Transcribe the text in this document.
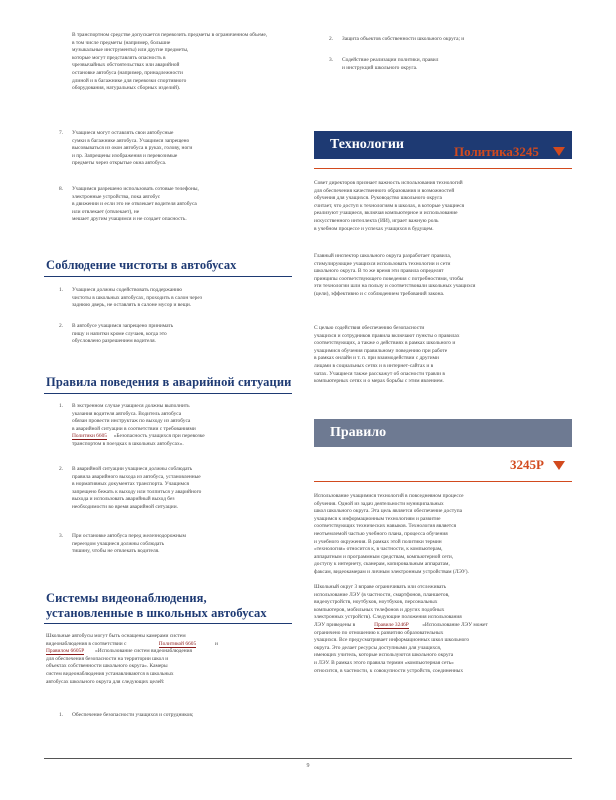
В транспортном средстве допускается перевозить предметы в ограниченном объеме,
в том числе предметы (например, большие
музыкальные инструменты) или другие предметы,
которые могут представлять опасность в
чрезвычайных обстоятельствах или аварийной
остановке автобуса (например, принадлежности
длиной и в багажнике для перевозки спортивного
оборудования, натуральных сборных изделий).
7. Учащиеся могут оставлять свои автобусные
сумки в багажнике автобуса. Учащимся запрещено
высовываться из окон автобуса в руках, голову, ноги
и пр. Запрещены изображения и перевозимые
предметы через открытые окна автобуса.
8. Учащимся разрешено использовать сотовые телефоны,
электронные устройства, пока автобус
в движении и если это не отвлекает водителя автобуса
или отвлекает (отвлекает), не
мешает другим учащимся и не создает опасность.
Соблюдение чистоты в автобусах
1. Учащиеся должны содействовать поддержанию
чистоты в школьных автобусах, проходить в салон через
заднюю дверь, не оставлять в салоне мусор и вещи.
2. В автобусе учащимся запрещено принимать
пищу и напитки кроме случаев, когда это
обусловлено разрешением водителя.
Правила поведения в аварийной ситуации
1. В экстренном случае учащиеся должны выполнить
указания водителя автобуса. Водитель автобуса
обязан провести инструктаж по выходу из автобуса
в аварийной ситуации в соответствии с требованиями
Политики 6605 «Безопасность учащихся при перевозке
транспортом в поездках в школьных автобусах».
2. В аварийной ситуации учащиеся должны соблюдать
правила аварийного выхода из автобуса, установленные
в нормативных документах транспорта. Учащимся
запрещено бежать к выходу или толпиться у аварийного
выхода и использовать аварийный выход без
необходимости во время аварийной ситуации.
3. При остановке автобуса перед железнодорожным
переездом учащиеся должны соблюдать
тишину, чтобы не отвлекать водителя.
Системы видеонаблюдения,
установленные в школьных автобусах
Школьные автобусы могут быть оснащены камерами систем
видеонаблюдения в соответствии с	Политикой 6605	и
Правилом 6605P «Использование систем видеонаблюдения
для обеспечения безопасности на территории школ и
объектах собственности школьного округа». Камеры
систем видеонаблюдения устанавливаются в школьных
автобусах школьного округа для следующих целей:
1. Обеспечение безопасности учащихся и сотрудников;
2. Защита объектов собственности школьного округа; и
3. Содействие реализации политики, правил
и инструкций школьного округа.
Технологии	Политика3245
Совет директоров признает важность использования технологий
для обеспечения качественного образования и возможностей
обучения для учащихся. Руководство школьного округа
считает, что доступ к технологиям в школах, в которые учащиеся
реализуют учащиеся, включая компьютерное и использование
искусственного интеллекта (ИИ), играет важную роль
в учебном процессе и успехах учащихся в будущем.
Главный инспектор школьного округа разработает правила,
стимулирующие учащихся использовать технологии и сети
школьного округа. В то же время эти правила определят
принципы соответствующего поведения с потребностями, чтобы
эти технологии шли на пользу и соответствовали школьных учащихся
(цели), эффективно и с соблюдением требований закона.
С целью содействия обеспечению безопасности
учащихся и сотрудников правила включают пункты о правилах
соответствующих, а также о действиях в рамках школьного и
учащимися обучения правильному поведению при работе
в рамках онлайн и т. п. при взаимодействии с другими
лицами в социальных сетях и в интернет-сайтах и в
чатах. Учащиеся также расскажут об опасности травли в
компьютерных сетях и о мерах борьбы с этим явлением.
Правило
3245P
Использование учащимися технологий в повседневном процессе
обучения. Одной из задач деятельности муниципальных
школ школьного округа. Эта цель является обеспечение доступа
учащимся к информационным технологиям и развитие
соответствующих технических навыков. Технология является
неотъемлемой частью учебного плана, процесса обучения
и учебного окружения. В рамках этой политики термин
«технология» относится к, в частности, к компьютерам,
аппаратным и программным средствам, компьютерной сети,
доступу к интернету, сканерам, копировальным аппаратам,
факсам, видеокамерам и личным электронным устройствам (ЛЭУ).
Школьный округ 3 вправе ограничивать или отслеживать
использование ЛЭУ (в частности, смартфонов, планшетов,
видеоустройств, ноутбуков, ноутбуков, персональных
компьютеров, мобильных телефонов и других подобных
электронных устройств). Следующие положения использования
ЛЭУ приведены в	Правиле 3246P «Использование ЛЭУ может
ограничено по отношению к развитию образовательных
учащихся. Все предусматривает информационных школ школьного
округа. Это делает ресурсы доступными для учащихся,
имеющих учитель, которые используются школьного округа
и ЛЭУ. В рамках этого правила термин «компьютерная сеть»
относится, в частности, к совокупности устройств, соединенных
9
